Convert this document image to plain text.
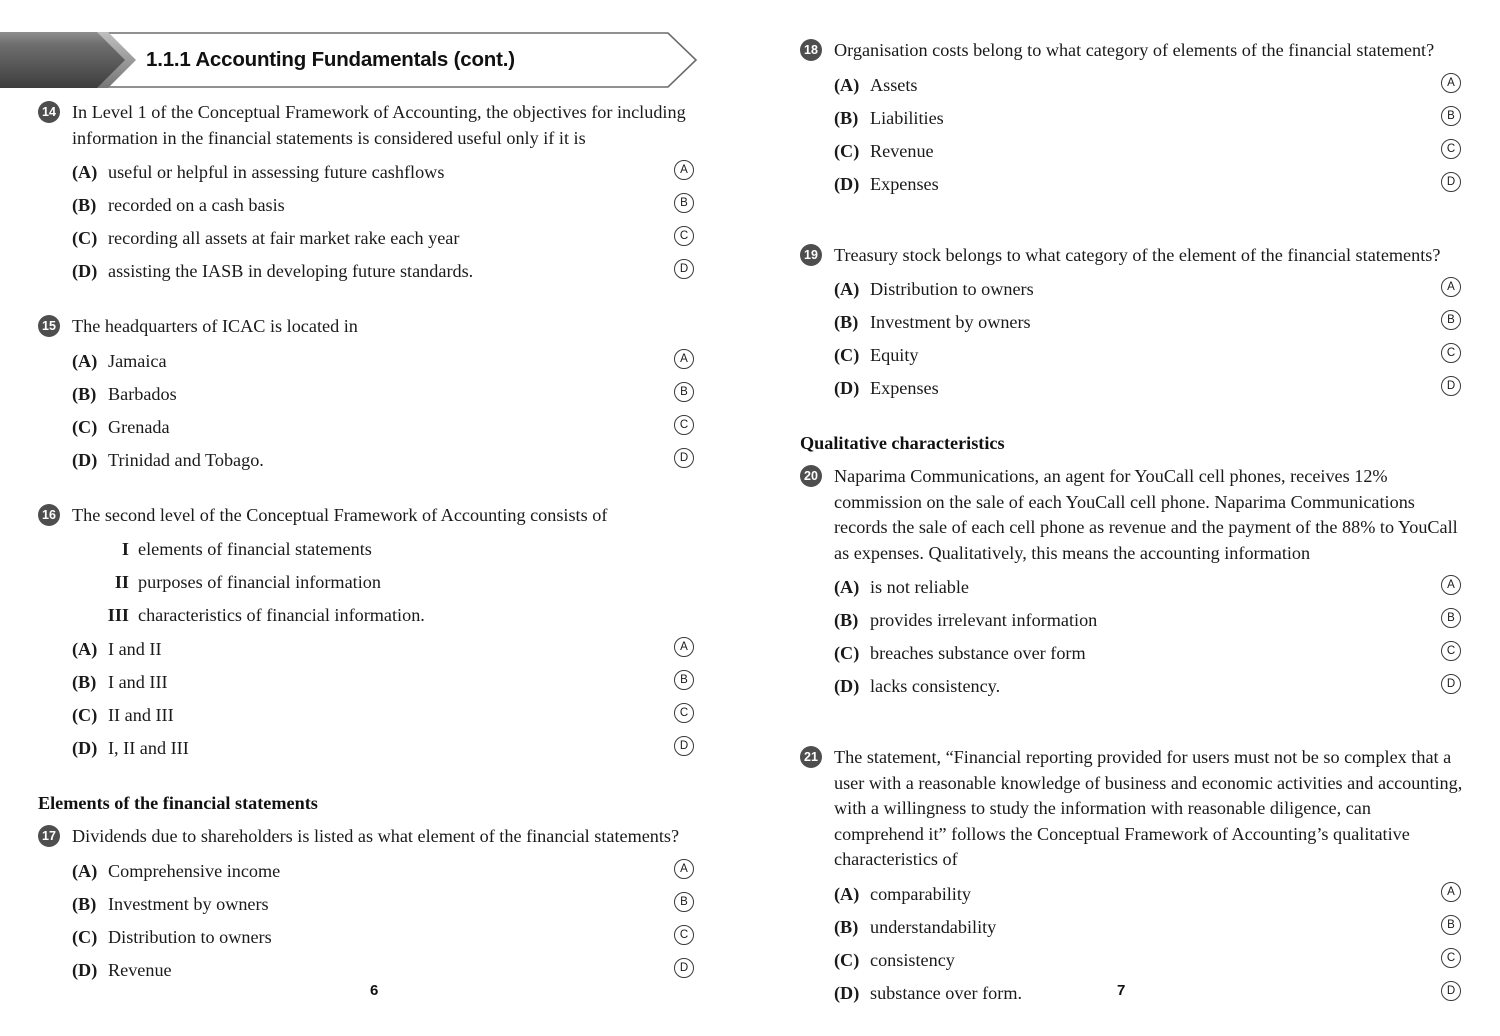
1.1.1 Accounting Fundamentals (cont.)
14 In Level 1 of the Conceptual Framework of Accounting, the objectives for including information in the financial statements is considered useful only if it is
(A) useful or helpful in assessing future cashflows	A
(B) recorded on a cash basis	B
(C) recording all assets at fair market rake each year	C
(D) assisting the IASB in developing future standards.	D
15 The headquarters of ICAC is located in
(A) Jamaica	A
(B) Barbados	B
(C) Grenada	C
(D) Trinidad and Tobago.	D
16 The second level of the Conceptual Framework of Accounting consists of
I elements of financial statements
II purposes of financial information
III characteristics of financial information.
(A) I and II	A
(B) I and III	B
(C) II and III	C
(D) I, II and III	D
Elements of the financial statements
17 Dividends due to shareholders is listed as what element of the financial statements?
(A) Comprehensive income	A
(B) Investment by owners	B
(C) Distribution to owners	C
(D) Revenue	D
18 Organisation costs belong to what category of elements of the financial statement?
(A) Assets	A
(B) Liabilities	B
(C) Revenue	C
(D) Expenses	D
19 Treasury stock belongs to what category of the element of the financial statements?
(A) Distribution to owners	A
(B) Investment by owners	B
(C) Equity	C
(D) Expenses	D
Qualitative characteristics
20 Naparima Communications, an agent for YouCall cell phones, receives 12% commission on the sale of each YouCall cell phone. Naparima Communications records the sale of each cell phone as revenue and the payment of the 88% to YouCall as expenses. Qualitatively, this means the accounting information
(A) is not reliable	A
(B) provides irrelevant information	B
(C) breaches substance over form	C
(D) lacks consistency.	D
21 The statement, “Financial reporting provided for users must not be so complex that a user with a reasonable knowledge of business and economic activities and accounting, with a willingness to study the information with reasonable diligence, can comprehend it” follows the Conceptual Framework of Accounting’s qualitative characteristics of
(A) comparability	A
(B) understandability	B
(C) consistency	C
(D) substance over form.	D
6	7
